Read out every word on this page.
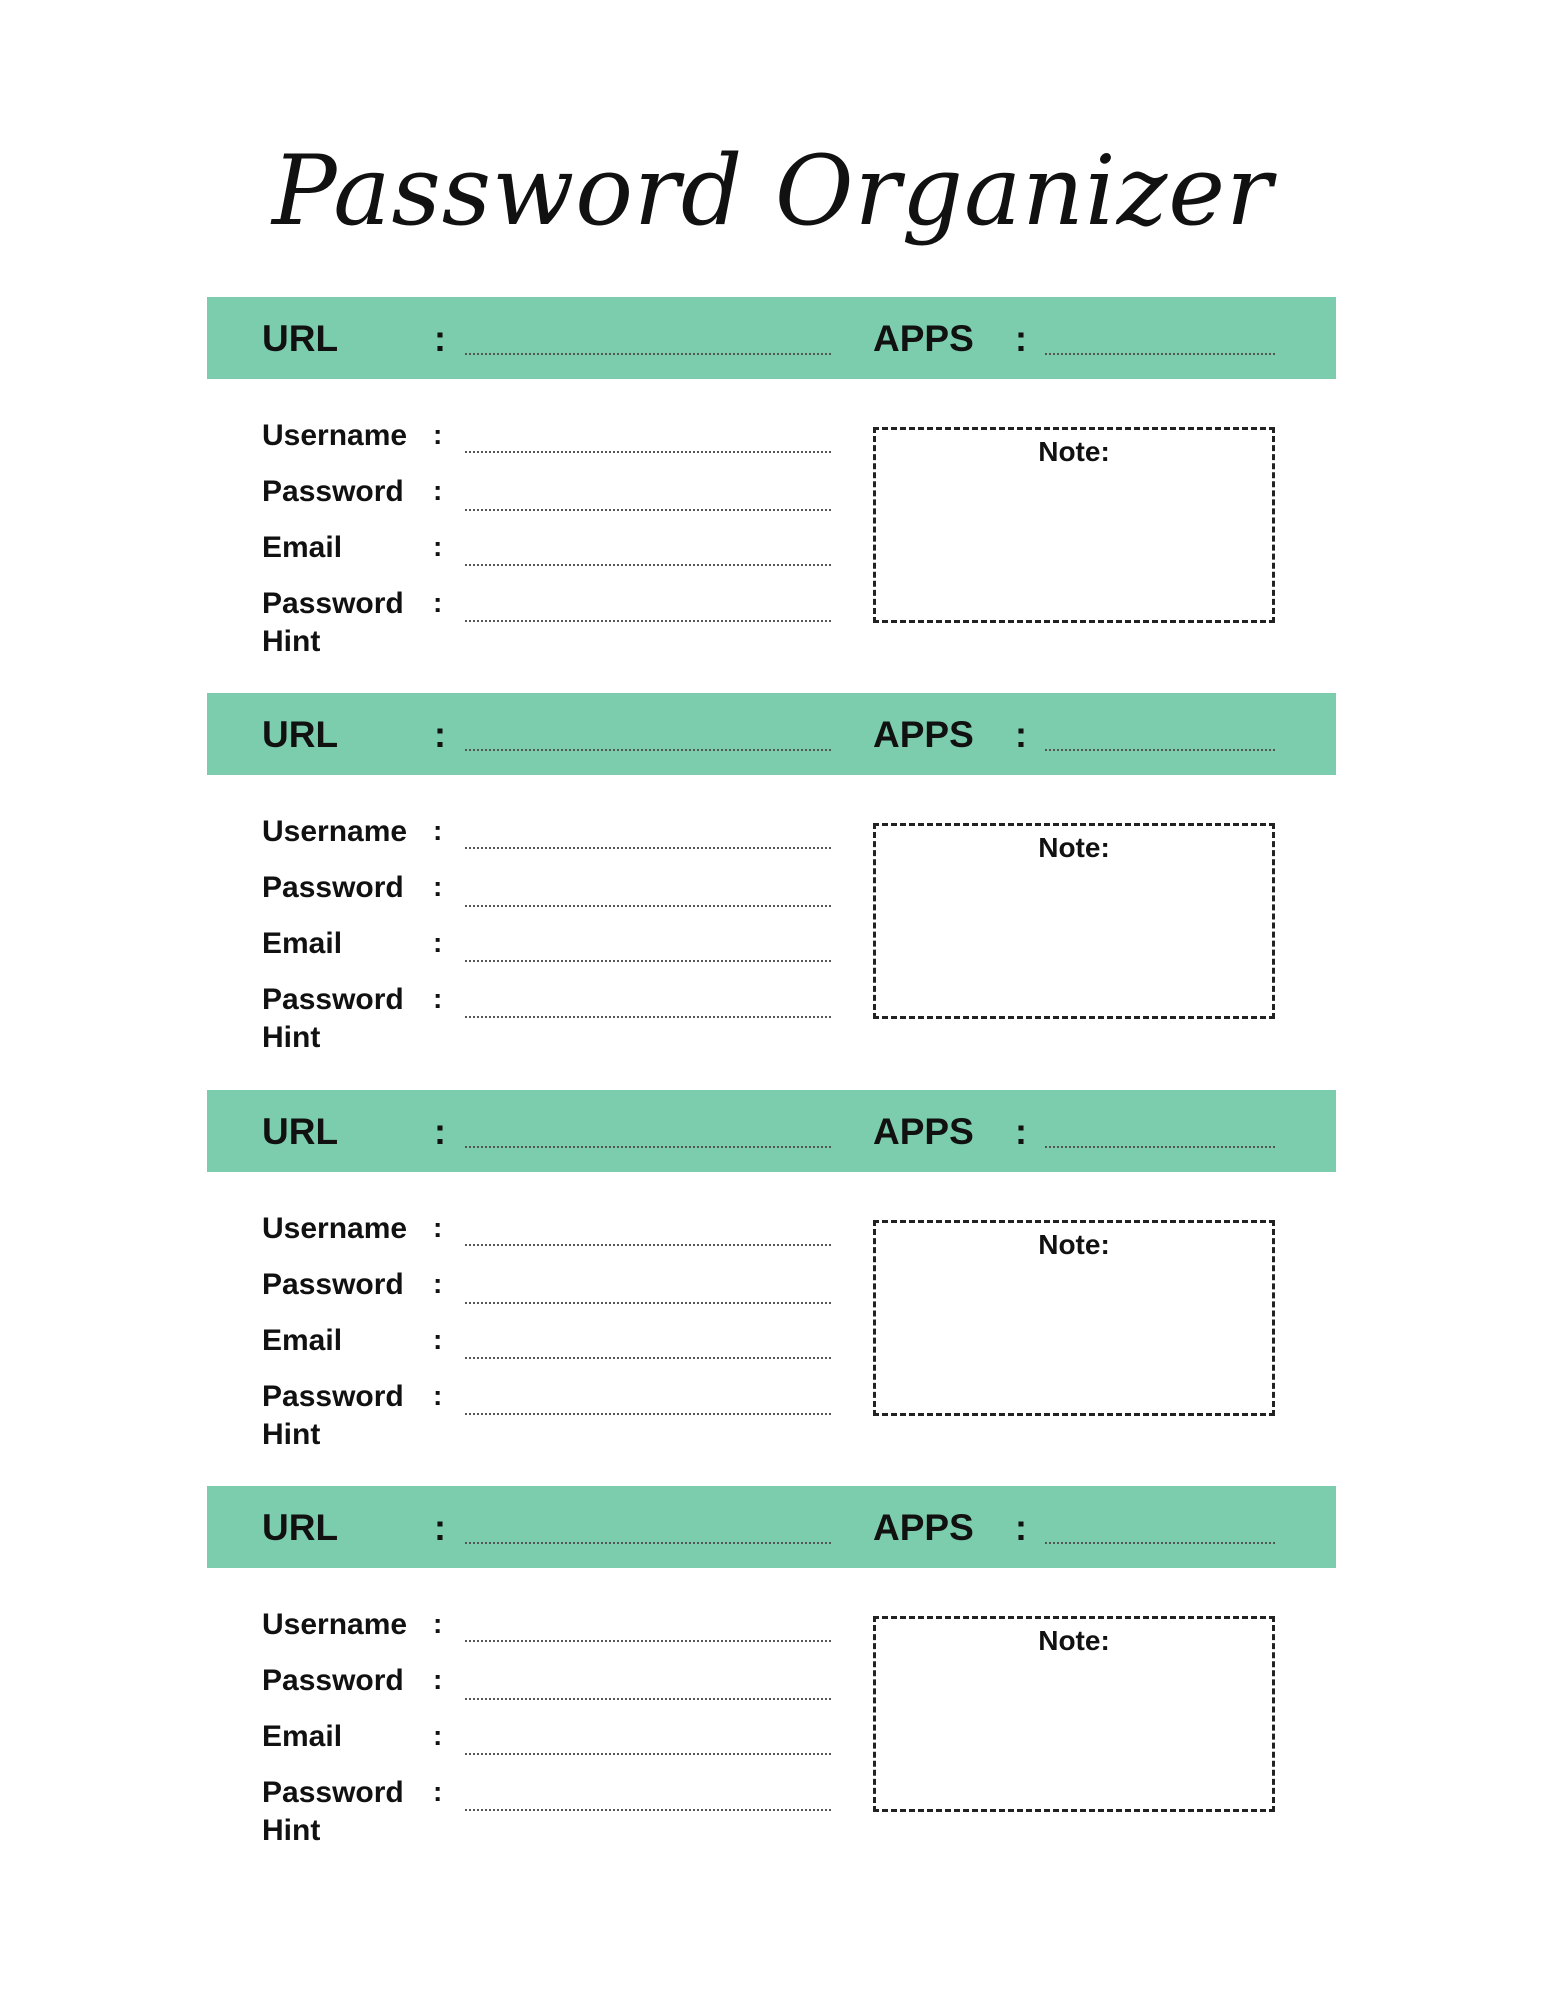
Password Organizer
URL	:	APPS :
Username :
Password :
Email	:
Password Hint
:
Note:
URL	:	APPS :
Username :
Password :
Email	:
Password Hint
:
Note:
URL	:	APPS :
Username :
Password :
Email	:
Password Hint
:
Note:
URL	:	APPS :
Username :
Password :
Email	:
Password Hint
:
Note:
